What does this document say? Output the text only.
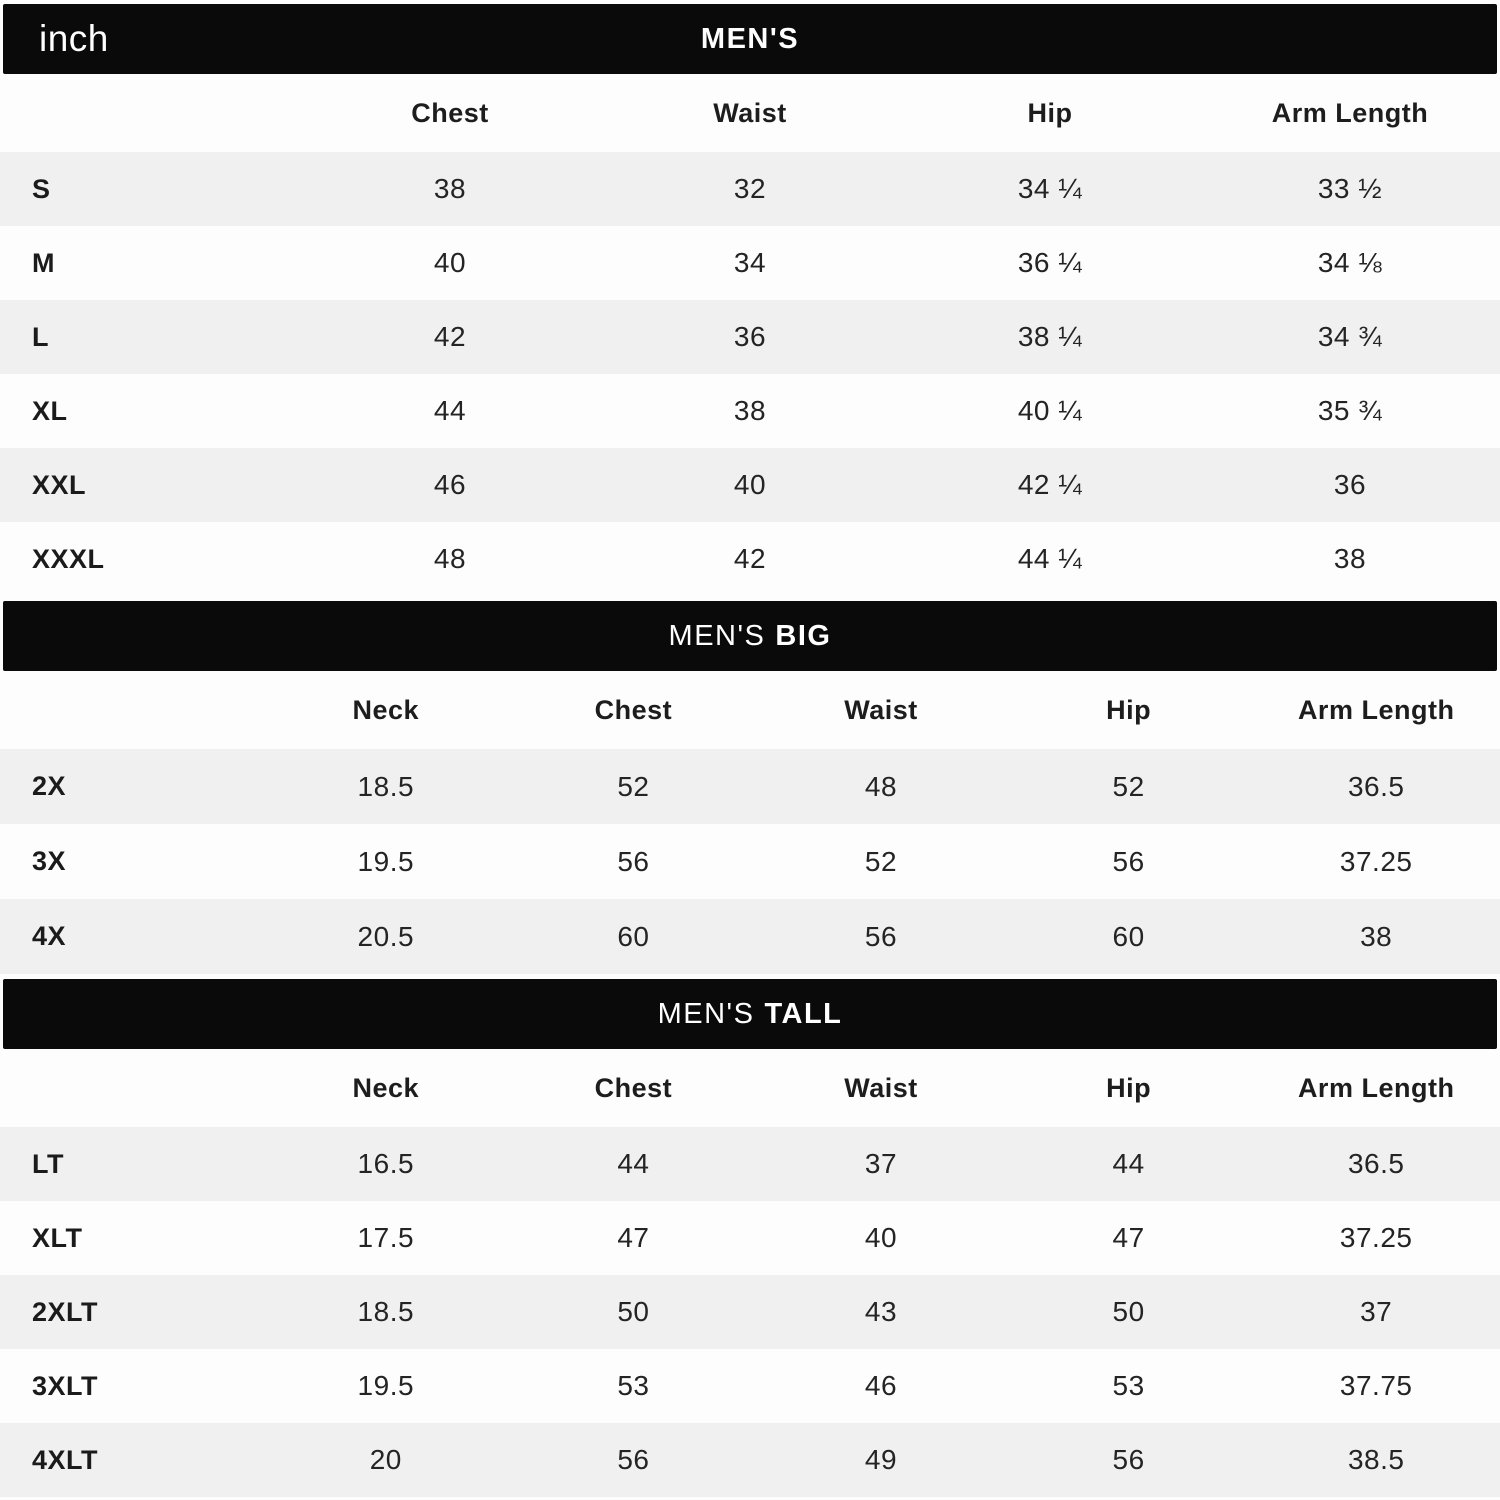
inch	MEN'S
	Chest	Waist	Hip	Arm Length
S	38	32	34 ¼	33 ½
M	40	34	36 ¼	34 ⅛
L	42	36	38 ¼	34 ¾
XL	44	38	40 ¼	35 ¾
XXL	46	40	42 ¼	36
XXXL	48	42	44 ¼	38
MEN'S BIG
	Neck	Chest	Waist	Hip	Arm Length
2X	18.5	52	48	52	36.5
3X	19.5	56	52	56	37.25
4X	20.5	60	56	60	38
MEN'S TALL
	Neck	Chest	Waist	Hip	Arm Length
LT	16.5	44	37	44	36.5
XLT	17.5	47	40	47	37.25
2XLT	18.5	50	43	50	37
3XLT	19.5	53	46	53	37.75
4XLT	20	56	49	56	38.5
